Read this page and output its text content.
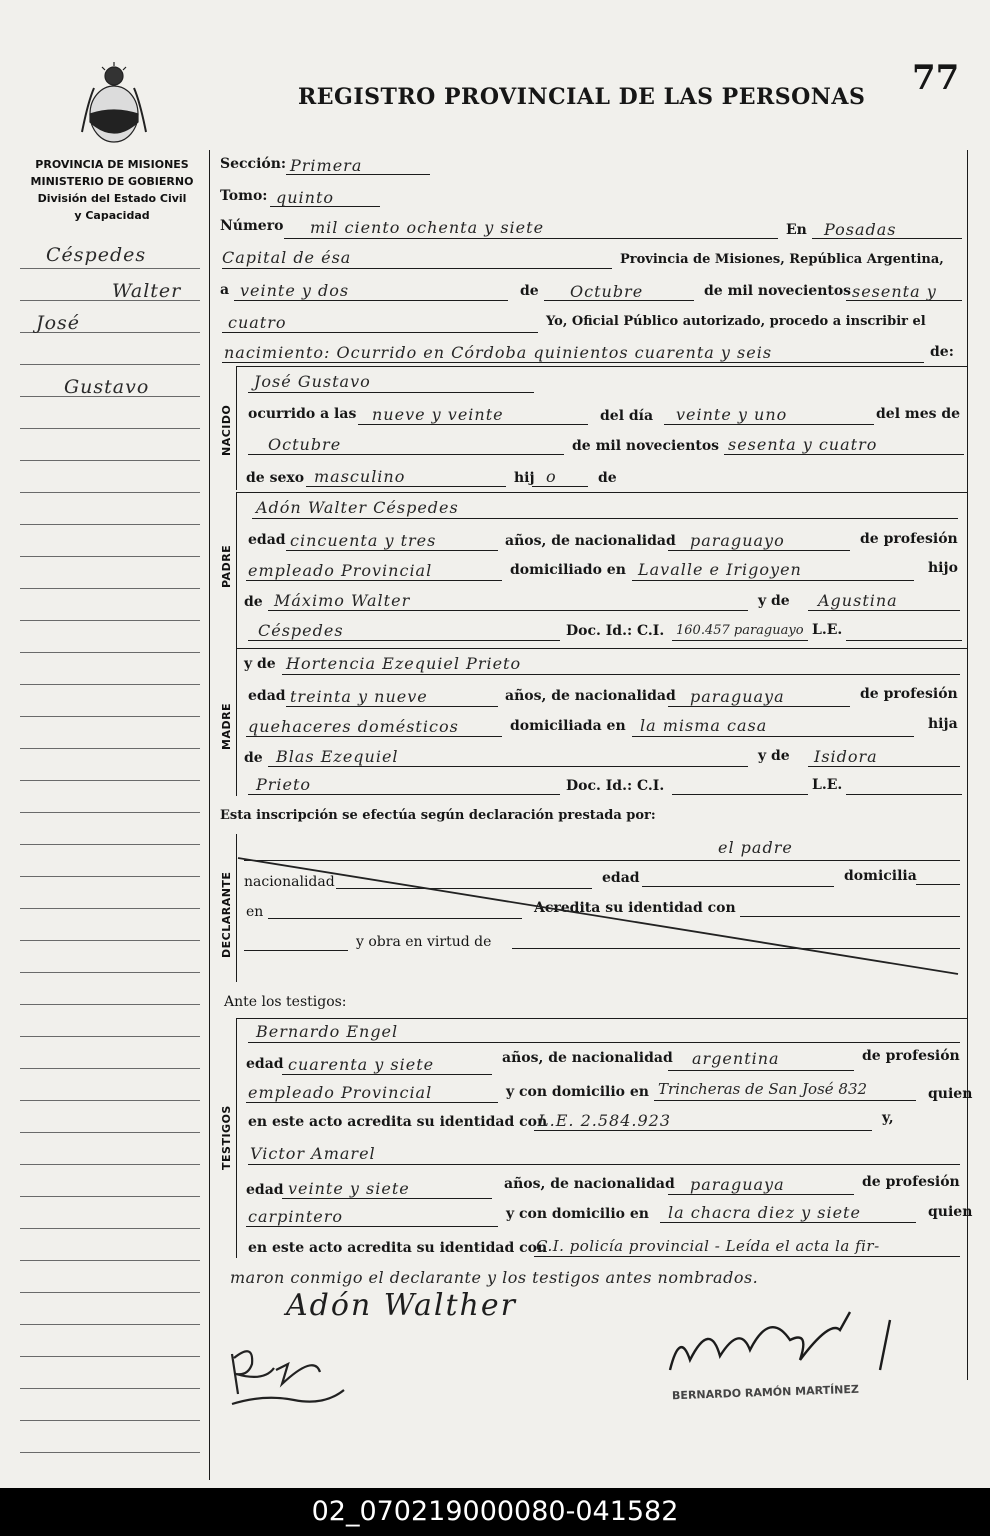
REGISTRO PROVINCIAL DE LAS PERSONAS 77
PROVINCIA DE MISIONES
MINISTERIO DE GOBIERNO
División del Estado Civil
y Capacidad
Céspedes
Walter
José
Gustavo
Sección: Primera
Tomo: quinto
Número mil ciento ochenta y siete	En Posadas
Capital de ésa	Provincia de Misiones, República Argentina,
a veinte y dos	de Octubre	de mil novecientos sesenta y
cuatro	Yo, Oficial Público autorizado, procedo a inscribir el
nacimiento: Ocurrido en Córdoba quinientos cuarenta y seis	de:
NACIDO
José Gustavo
ocurrido a las nueve y veinte	del día veinte y uno	del mes de
Octubre	de mil novecientos sesenta y cuatro
de sexo masculino	hij o	de
PADRE
Adón Walter Céspedes
edad cincuenta y tres	años, de nacionalidad paraguayo	de profesión
empleado Provincial	domiciliado en Lavalle e Irigoyen	hijo
de Máximo Walter	y de Agustina
Céspedes	Doc. Id.: C.I. 160.457 paraguayo L.E.
MADRE
y de Hortencia Ezequiel Prieto
edad treinta y nueve	años, de nacionalidad paraguaya	de profesión
quehaceres domésticos	domiciliada en la misma casa	hija
de Blas Ezequiel	y de Isidora
Prieto	Doc. Id.: C.I.	L.E.
Esta inscripción se efectúa según declaración prestada por:
el padre
DECLARANTE nacionalidad	edad	domicilia
en	Acredita su identidad con
y obra en virtud de
Ante los testigos:
TESTIGOS
Bernardo Engel
edad cuarenta y siete	años, de nacionalidad argentina	de profesión
empleado Provincial	y con domicilio en Trincheras de San José 832	quien
en este acto acredita su identidad con
L.E. 2.584.923	y,
Victor Amarel
edad veinte y siete	años, de nacionalidad paraguaya	de profesión
carpintero	y con domicilio en la chacra diez y siete	quien
en este acto acredita su identidad con
C.I. policía provincial - Leída el acta la fir-
maron conmigo el declarante y los testigos antes nombrados.
Adón Walther
BERNARDO RAMÓN MARTÍNEZ
02_070219000080-041582
